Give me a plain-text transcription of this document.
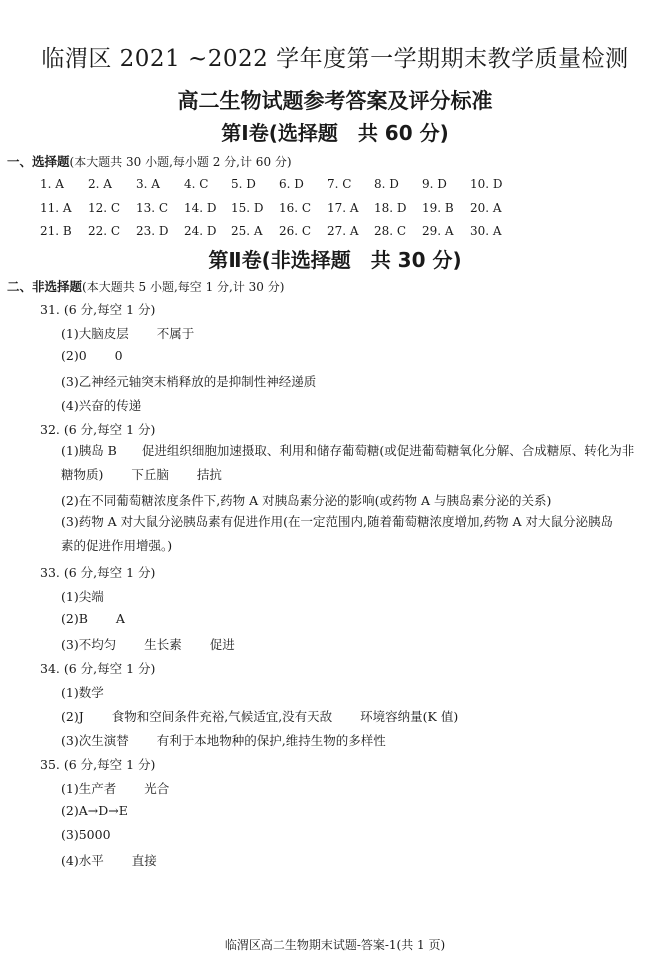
临渭区 2021 ~2022 学年度第一学期期末教学质量检测
高二生物试题参考答案及评分标准
第Ⅰ卷(选择题　共 60 分)
一、选择题(本大题共 30 小题,每小题 2 分,计 60 分)
1. A 2. A 3. A 4. C 5. D 6. D 7. C 8. D 9. D 10. D
11. A 12. C 13. C 14. D 15. D 16. C 17. A 18. D 19. B 20. A
21. B 22. C 23. D 24. D 25. A 26. C 27. A 28. C 29. A 30. A
第Ⅱ卷(非选择题　共 30 分)
二、非选择题(本大题共 5 小题,每空 1 分,计 30 分)
31. (6 分,每空 1 分)
(1)大脑皮层 不属于
(2)0 0
(3)乙神经元轴突末梢释放的是抑制性神经递质
(4)兴奋的传递
32. (6 分,每空 1 分)
(1)胰岛 B　　促进组织细胞加速摄取、利用和储存葡萄糖(或促进葡萄糖氧化分解、合成糖原、转化为非
糖物质) 下丘脑 拮抗
(2)在不同葡萄糖浓度条件下,药物 A 对胰岛素分泌的影响(或药物 A 与胰岛素分泌的关系)
(3)药物 A 对大鼠分泌胰岛素有促进作用(在一定范围内,随着葡萄糖浓度增加,药物 A 对大鼠分泌胰岛
素的促进作用增强。)
33. (6 分,每空 1 分)
(1)尖端
(2)B A
(3)不均匀 生长素 促进
34. (6 分,每空 1 分)
(1)数学
(2)J 食物和空间条件充裕,气候适宜,没有天敌 环境容纳量(K 值)
(3)次生演替 有利于本地物种的保护,维持生物的多样性
35. (6 分,每空 1 分)
(1)生产者 光合
(2)A→D→E
(3)5000
(4)水平 直接
临渭区高二生物期末试题-答案-1(共 1 页)
